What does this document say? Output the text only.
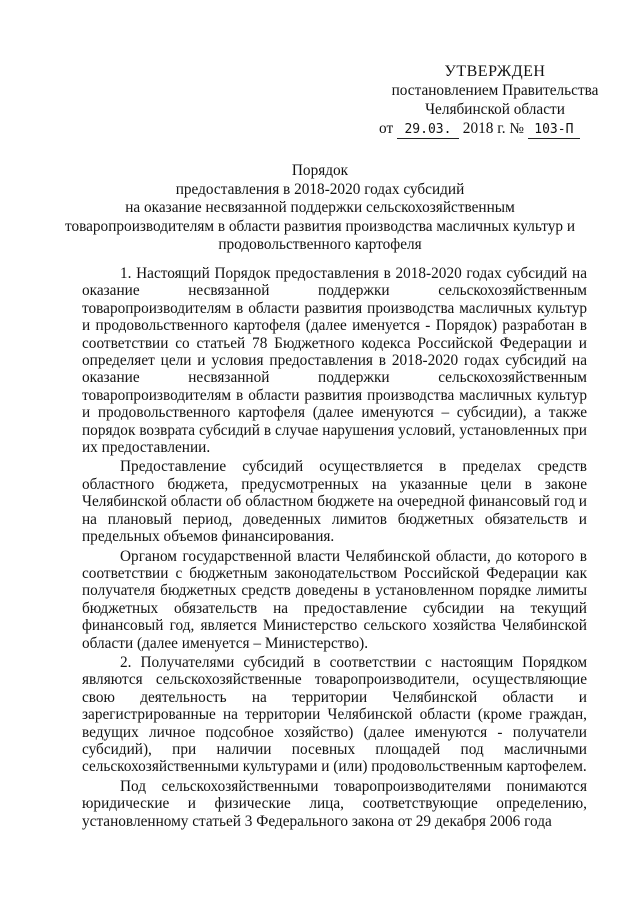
УТВЕРЖДЕН
постановлением Правительства
Челябинской области
от 29.03. 2018 г. № 103-П
Порядок
предоставления в 2018-2020 годах субсидий
на оказание несвязанной поддержки сельскохозяйственным
товаропроизводителям в области развития производства масличных культур и
продовольственного картофеля

1. Настоящий Порядок предоставления в 2018-2020 годах субсидий на оказание несвязанной поддержки сельскохозяйственным товаропроизводителям в области развития производства масличных культур и продовольственного картофеля (далее именуется - Порядок) разработан в соответствии со статьей 78 Бюджетного кодекса Российской Федерации и определяет цели и условия предоставления в 2018-2020 годах субсидий на оказание несвязанной поддержки сельскохозяйственным товаропроизводителям в области развития производства масличных культур и продовольственного картофеля (далее именуются – субсидии), а также порядок возврата субсидий в случае нарушения условий, установленных при их предоставлении.

Предоставление субсидий осуществляется в пределах средств областного бюджета, предусмотренных на указанные цели в законе Челябинской области об областном бюджете на очередной финансовый год и на плановый период, доведенных лимитов бюджетных обязательств и предельных объемов финансирования.

Органом государственной власти Челябинской области, до которого в соответствии с бюджетным законодательством Российской Федерации как получателя бюджетных средств доведены в установленном порядке лимиты бюджетных обязательств на предоставление субсидии на текущий финансовый год, является Министерство сельского хозяйства Челябинской области (далее именуется – Министерство).

2. Получателями субсидий в соответствии с настоящим Порядком являются сельскохозяйственные товаропроизводители, осуществляющие свою деятельность на территории Челябинской области и зарегистрированные на территории Челябинской области (кроме граждан, ведущих личное подсобное хозяйство) (далее именуются - получатели субсидий), при наличии посевных площадей под масличными сельскохозяйственными культурами и (или) продовольственным картофелем.

Под сельскохозяйственными товаропроизводителями понимаются юридические и физические лица, соответствующие определению, установленному статьей 3 Федерального закона от 29 декабря 2006 года
